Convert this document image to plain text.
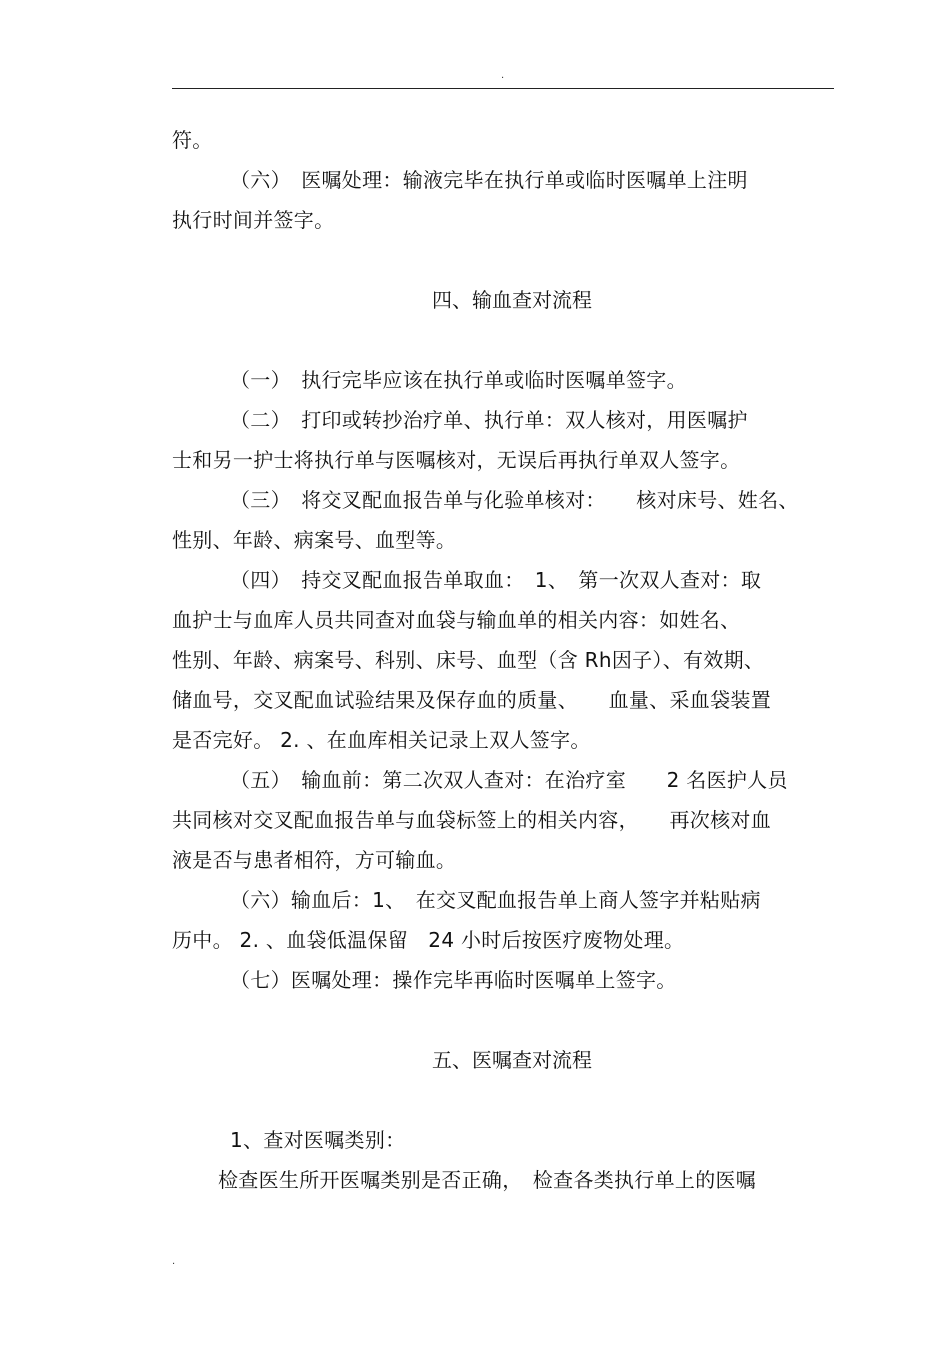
.
符。
（六）　医嘱处理：输液完毕在执行单或临时医嘱单上注明
执行时间并签字。
四、输血查对流程
（一）　执行完毕应该在执行单或临时医嘱单签字。
（二）　打印或转抄治疗单、执行单：双人核对，用医嘱护
士和另一护士将执行单与医嘱核对，无误后再执行单双人签字。
（三）　将交叉配血报告单与化验单核对：　　核对床号、姓名、
性别、年龄、病案号、血型等。
（四）　持交叉配血报告单取血：　1、　第一次双人查对：取
血护士与血库人员共同查对血袋与输血单的相关内容：如姓名、
性别、年龄、病案号、科别、床号、血型（含 Rh因子）、有效期、
储血号，交叉配血试验结果及保存血的质量、　　血量、采血袋装置
是否完好。 2. 、在血库相关记录上双人签字。
（五）　输血前：第二次双人查对：在治疗室　　2 名医护人员
共同核对交叉配血报告单与血袋标签上的相关内容，　　再次核对血
液是否与患者相符，方可输血。
（六）输血后：1、　在交叉配血报告单上商人签字并粘贴病
历中。 2. 、血袋低温保留　24 小时后按医疗废物处理。
（七）医嘱处理：操作完毕再临时医嘱单上签字。
五、医嘱查对流程
1、查对医嘱类别：
检查医生所开医嘱类别是否正确，　检查各类执行单上的医嘱
.
